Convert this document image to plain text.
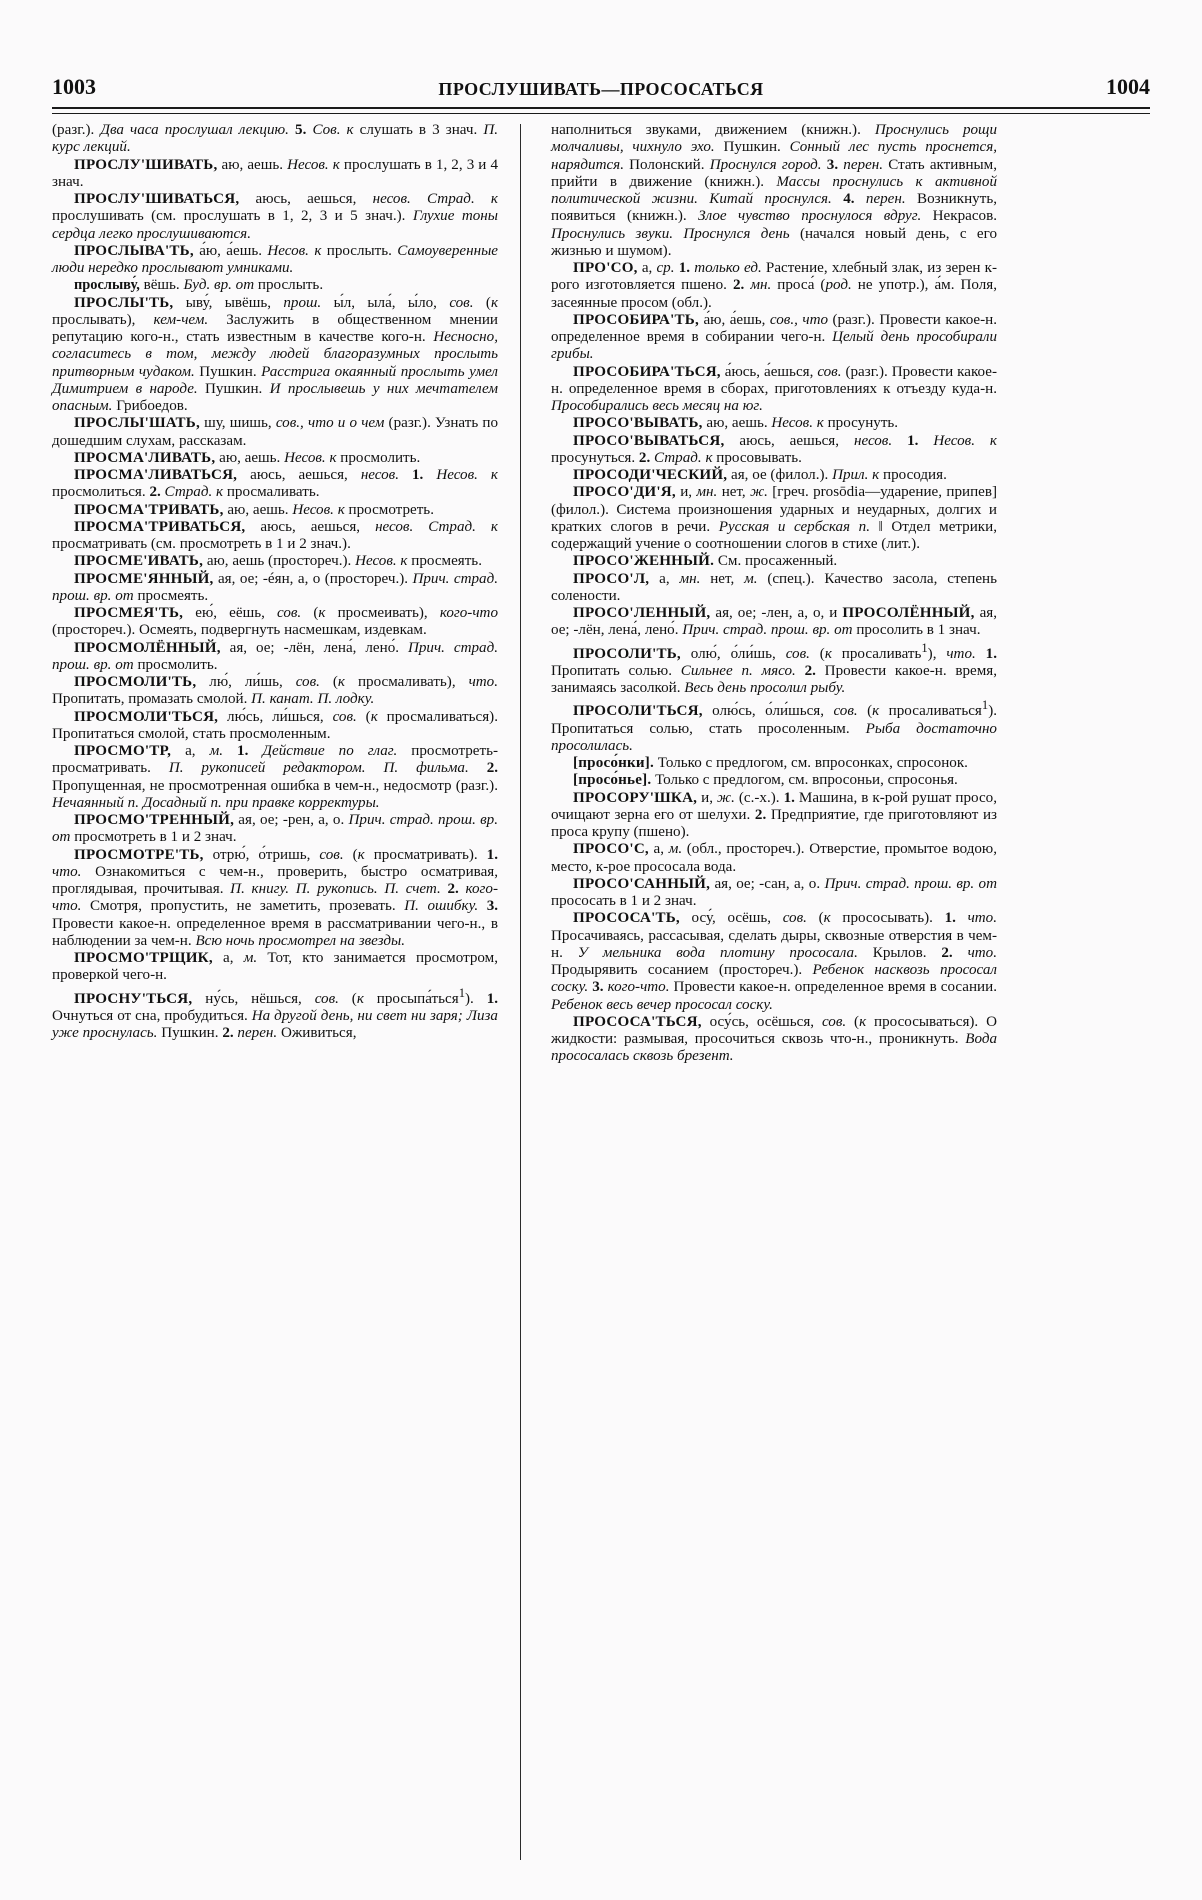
1003	ПРОСЛУШИВАТЬ—ПРОСОСАТЬСЯ	1004

(разг.). Два часа прослушал лекцию. 5. Сов. к слушать в 3 знач. П. курс лекций.

ПРОСЛУ'ШИВАТЬ, аю, аешь. Несов. к прослушать в 1, 2, 3 и 4 знач.

ПРОСЛУ'ШИВАТЬСЯ, аюсь, аешься, несов. Страд. к прослушивать (см. прослушать в 1, 2, 3 и 5 знач.). Глухие тоны сердца легко прослушиваются.

ПРОСЛЫВА'ТЬ, а́ю, а́ешь. Несов. к прослыть. Самоуверенные люди нередко прослывают умниками.

прослыву́, вёшь. Буд. вр. от прослыть.

ПРОСЛЫ'ТЬ, ыву́, ывёшь, прош. ы́л, ыла́, ы́ло, сов. (к прослывать), кем-чем. Заслужить в общественном мнении репутацию кого-н., стать известным в качестве кого-н. Несносно, согласитесь в том, между людей благоразумных прослыть притворным чудаком. Пушкин. Расстрига окаянный прослыть умел Димитрием в народе. Пушкин. И прослывешь у них мечтателем опасным. Грибоедов.

ПРОСЛЫ'ШАТЬ, шу, шишь, сов., что и о чем (разг.). Узнать по дошедшим слухам, рассказам.

ПРОСМА'ЛИВАТЬ, аю, аешь. Несов. к просмолить.

ПРОСМА'ЛИВАТЬСЯ, аюсь, аешься, несов. 1. Несов. к просмолиться. 2. Страд. к просмаливать.

ПРОСМА'ТРИВАТЬ, аю, аешь. Несов. к просмотреть.

ПРОСМА'ТРИВАТЬСЯ, аюсь, аешься, несов. Страд. к просматривать (см. просмотреть в 1 и 2 знач.).

ПРОСМЕ'ИВАТЬ, аю, аешь (простореч.). Несов. к просмеять.

ПРОСМЕ'ЯННЫЙ, ая, ое; -éян, а, о (простореч.). Прич. страд. прош. вр. от просмеять.

ПРОСМЕЯ'ТЬ, ею́, еёшь, сов. (к просмеивать), кого-что (простореч.). Осмеять, подвергнуть насмешкам, издевкам.

ПРОСМОЛЁННЫЙ, ая, ое; -лён, лена́, лено́. Прич. страд. прош. вр. от просмолить.

ПРОСМОЛИ'ТЬ, лю́, ли́шь, сов. (к просмаливать), что. Пропитать, промазать смолой. П. канат. П. лодку.

ПРОСМОЛИ'ТЬСЯ, лю́сь, ли́шься, сов. (к просмаливаться). Пропитаться смолой, стать просмоленным.

ПРОСМО'ТР, а, м. 1. Действие по глаг. просмотреть-просматривать. П. рукописей редактором. П. фильма. 2. Пропущенная, не просмотренная ошибка в чем-н., недосмотр (разг.). Нечаянный п. Досадный п. при правке корректуры.

ПРОСМО'ТРЕННЫЙ, ая, ое; -рен, а, о. Прич. страд. прош. вр. от просмотреть в 1 и 2 знач.

ПРОСМОТРЕ'ТЬ, отрю́, о́тришь, сов. (к просматривать). 1. что. Ознакомиться с чем-н., проверить, быстро осматривая, проглядывая, прочитывая. П. книгу. П. рукопись. П. счет. 2. кого-что. Смотря, пропустить, не заметить, прозевать. П. ошибку. 3. Провести какое-н. определенное время в рассматривании чего-н., в наблюдении за чем-н. Всю ночь просмотрел на звезды.

ПРОСМО'ТРЩИК, а, м. Тот, кто занимается просмотром, проверкой чего-н.

ПРОСНУ'ТЬСЯ, ну́сь, нёшься, сов. (к просыпа́ться$^1$). 1. Очнуться от сна, пробудиться. На другой день, ни свет ни заря; Лиза уже проснулась. Пушкин. 2. перен. Оживиться,

наполниться звуками, движением (книжн.). Проснулись рощи молчаливы, чихнуло эхо. Пушкин. Сонный лес пусть проснется, нарядится. Полонский. Проснулся город. 3. перен. Стать активным, прийти в движение (книжн.). Массы проснулись к активной политической жизни. Китай проснулся. 4. перен. Возникнуть, появиться (книжн.). Злое чувство проснулося вдруг. Некрасов. Проснулись звуки. Проснулся день (начался новый день, с его жизнью и шумом).

ПРО'СО, а, ср. 1. только ед. Растение, хлебный злак, из зерен к-рого изготовляется пшено. 2. мн. проса́ (род. не употр.), а́м. Поля, засеянные просом (обл.).

ПРОСОБИРА'ТЬ, а́ю, а́ешь, сов., что (разг.). Провести какое-н. определенное время в собирании чего-н. Целый день прособирали грибы.

ПРОСОБИРА'ТЬСЯ, а́юсь, а́ешься, сов. (разг.). Провести какое-н. определенное время в сборах, приготовлениях к отъезду куда-н. Прособирались весь месяц на юг.

ПРОСО'ВЫВАТЬ, аю, аешь. Несов. к просунуть.

ПРОСО'ВЫВАТЬСЯ, аюсь, аешься, несов. 1. Несов. к просунуться. 2. Страд. к просовывать.

ПРОСОДИ'ЧЕСКИЙ, ая, ое (филол.). Прил. к просодия.

ПРОСО'ДИ'Я, и, мн. нет, ж. [греч. prosōdia—ударение, припев] (филол.). Система произношения ударных и неударных, долгих и кратких слогов в речи. Русская и сербская п. ‖ Отдел метрики, содержащий учение о соотношении слогов в стихе (лит.).

ПРОСО'ЖЕННЫЙ. См. просаженный.

ПРОСО'Л, а, мн. нет, м. (спец.). Качество засола, степень солености.

ПРОСО'ЛЕННЫЙ, ая, ое; -лен, а, о, и ПРОСОЛЁННЫЙ, ая, ое; -лён, лена́, лено́. Прич. страд. прош. вр. от просолить в 1 знач.

ПРОСОЛИ'ТЬ, олю́, о́ли́шь, сов. (к просаливать$^1$), что. 1. Пропитать солью. Сильнее п. мясо. 2. Провести какое-н. время, занимаясь засолкой. Весь день просолил рыбу.

ПРОСОЛИ'ТЬСЯ, олю́сь, о́ли́шься, сов. (к просаливаться$^1$). Пропитаться солью, стать просоленным. Рыба достаточно просолилась.

[просо́нки]. Только с предлогом, см. впросонках, спросонок.

[просо́нье]. Только с предлогом, см. впросоньи, спросонья.

ПРОСОРУ'ШКА, и, ж. (с.-х.). 1. Машина, в к-рой рушат просо, очищают зерна его от шелухи. 2. Предприятие, где приготовляют из проса крупу (пшено).

ПРОСО'С, а, м. (обл., простореч.). Отверстие, промытое водою, место, к-рое прососала вода.

ПРОСО'САННЫЙ, ая, ое; -сан, а, о. Прич. страд. прош. вр. от прососать в 1 и 2 знач.

ПРОСОСА'ТЬ, осу́, осёшь, сов. (к прососывать). 1. что. Просачиваясь, рассасывая, сделать дыры, сквозные отверстия в чем-н. У мельника вода плотину прососала. Крылов. 2. что. Продырявить сосанием (простореч.). Ребенок насквозь прососал соску. 3. кого-что. Провести какое-н. определенное время в сосании. Ребенок весь вечер прососал соску.

ПРОСОСА'ТЬСЯ, осу́сь, осёшься, сов. (к прососываться). О жидкости: размывая, просочиться сквозь что-н., проникнуть. Вода прососалась сквозь брезент.
